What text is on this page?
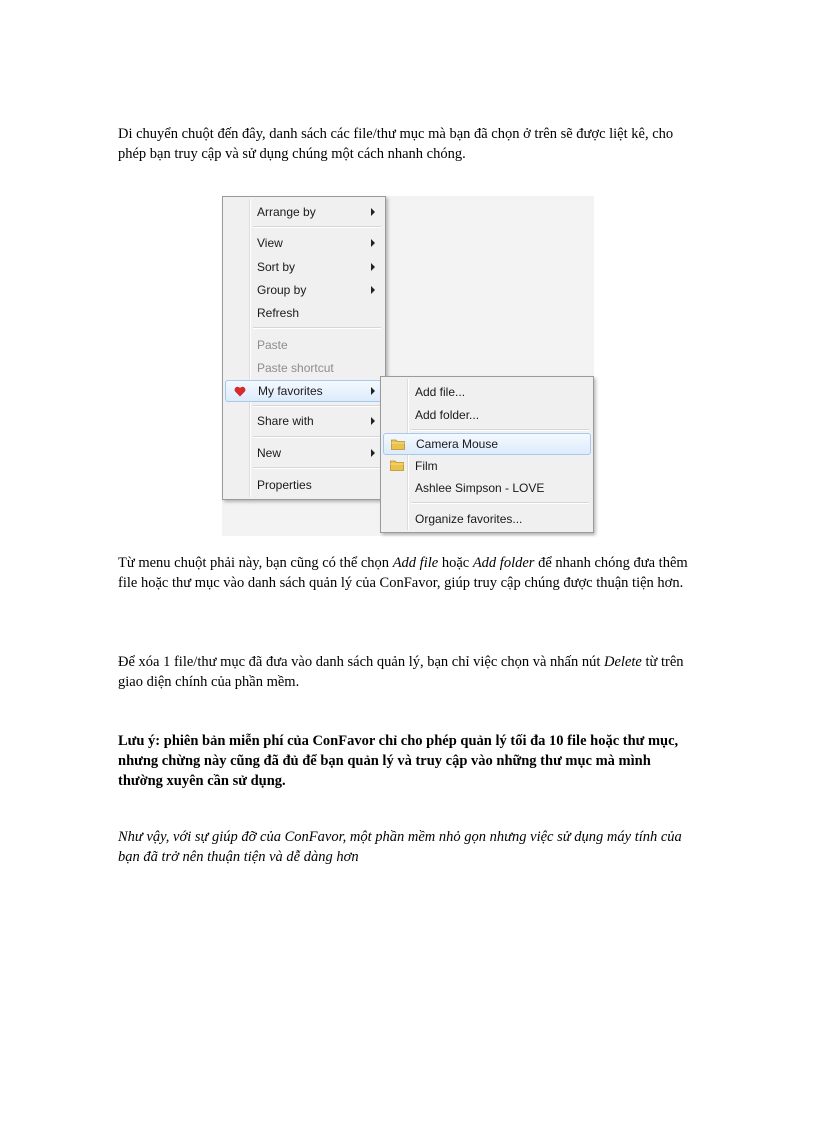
Di chuyển chuột đến đây, danh sách các file/thư mục mà bạn đã chọn ở trên sẽ được liệt kê, cho phép bạn truy cập và sử dụng chúng một cách nhanh chóng.

Arrange by
View
Sort by
Group by
Refresh
Paste
Paste shortcut
My favorites
Share with
New
Properties
Add file...
Add folder...
Camera Mouse
Film
Ashlee Simpson - LOVE
Organize favorites...

Từ menu chuột phải này, bạn cũng có thể chọn Add file hoặc Add folder để nhanh chóng đưa thêm file hoặc thư mục vào danh sách quản lý của ConFavor, giúp truy cập chúng được thuận tiện hơn.

Để xóa 1 file/thư mục đã đưa vào danh sách quản lý, bạn chỉ việc chọn và nhấn nút Delete từ trên giao diện chính của phần mềm.

Lưu ý: phiên bản miễn phí của ConFavor chỉ cho phép quản lý tối đa 10 file hoặc thư mục, nhưng chừng này cũng đã đủ để bạn quản lý và truy cập vào những thư mục mà mình thường xuyên cần sử dụng.

Như vậy, với sự giúp đỡ của ConFavor, một phần mềm nhỏ gọn nhưng việc sử dụng máy tính của bạn đã trở nên thuận tiện và dễ dàng hơn
